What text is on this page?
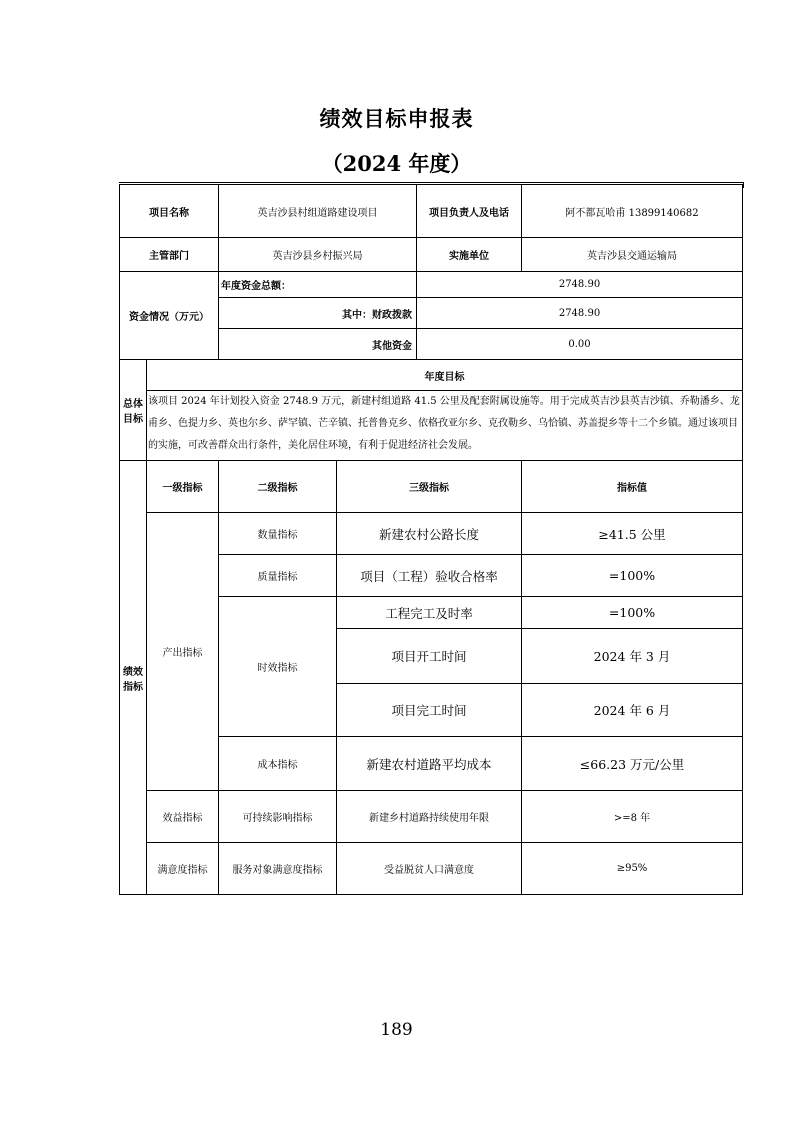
绩效目标申报表
（2024 年度）
项目名称		英吉沙县村组道路建设项目		项目负责人及电话	阿不都瓦哈甫 13899140682
主管部门		英吉沙县乡村振兴局		实施单位	英吉沙县交通运输局
资金情况（万元）		年度资金总额：		2748.90	
		其中：财政拨款		2748.90	
		其他资金		0.00	
总体
目标	年度目标				
	该项目 2024 年计划投入资金 2748.9 万元，新建村组道路 41.5 公里及配套附属设施等。用于完成英吉沙县英吉沙镇、乔勒潘乡、龙甫乡、色提力乡、英也尔乡、萨罕镇、芒辛镇、托普鲁克乡、依格孜亚尔乡、克孜勒乡、乌恰镇、苏盖提乡等十二个乡镇。通过该项目的实施，可改善群众出行条件，美化居住环境，有利于促进经济社会发展。				
绩效
指标	一级指标	二级指标	三级指标		指标值
	产出指标	数量指标	新建农村公路长度		≥41.5 公里
		质量指标	项目（工程）验收合格率		=100%
		时效指标	工程完工及时率		=100%
			项目开工时间		2024 年 3 月
			项目完工时间		2024 年 6 月
		成本指标	新建农村道路平均成本		≤66.23 万元/公里
	效益指标	可持续影响指标	新建乡村道路持续使用年限		>=8 年
	满意度指标	服务对象满意度指标	受益脱贫人口满意度		≥95%
189
